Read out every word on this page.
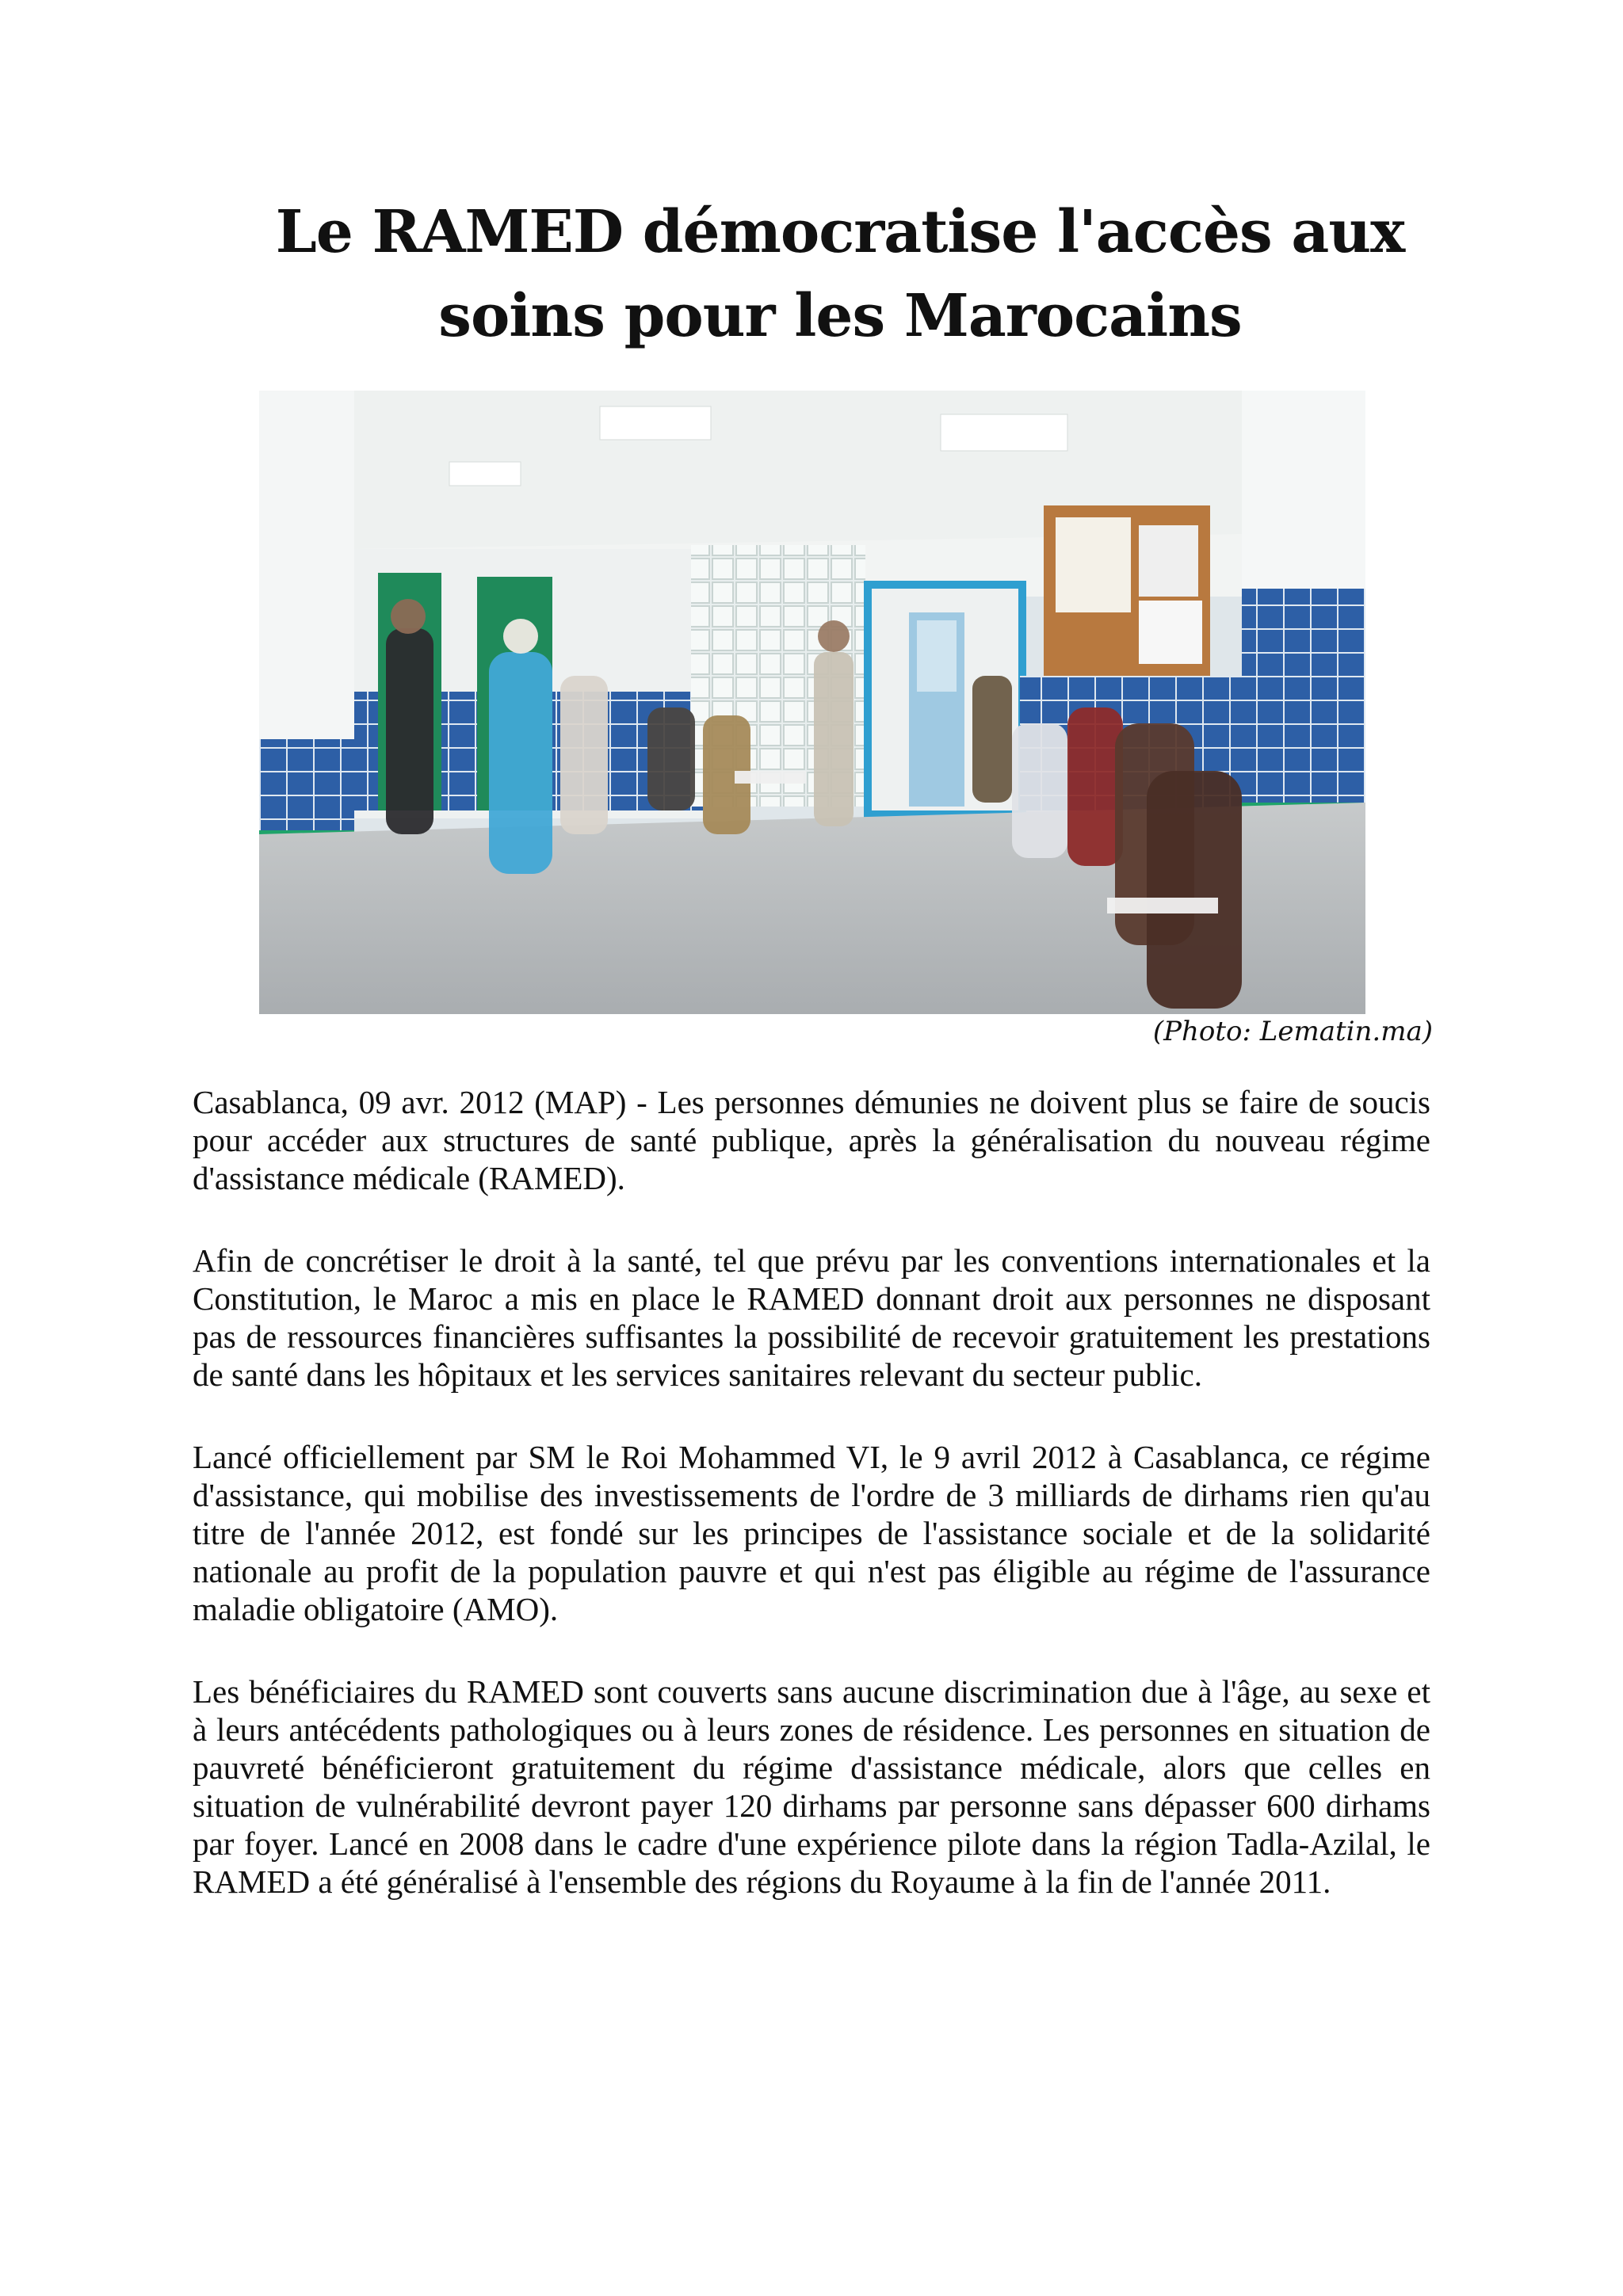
Le RAMED démocratise l'accès aux soins pour les Marocains
(Photo: Lematin.ma)

Casablanca, 09 avr. 2012 (MAP) - Les personnes démunies ne doivent plus se faire de soucis pour accéder aux structures de santé publique, après la généralisation du nouveau régime d'assistance médicale (RAMED).

Afin de concrétiser le droit à la santé, tel que prévu par les conventions internationales et la Constitution, le Maroc a mis en place le RAMED donnant droit aux personnes ne disposant pas de ressources financières suffisantes la possibilité de recevoir gratuitement les prestations de santé dans les hôpitaux et les services sanitaires relevant du secteur public.

Lancé officiellement par SM le Roi Mohammed VI, le 9 avril 2012 à Casablanca, ce régime d'assistance, qui mobilise des investissements de l'ordre de 3 milliards de dirhams rien qu'au titre de l'année 2012, est fondé sur les principes de l'assistance sociale et de la solidarité nationale au profit de la population pauvre et qui n'est pas éligible au régime de l'assurance maladie obligatoire (AMO).

Les bénéficiaires du RAMED sont couverts sans aucune discrimination due à l'âge, au sexe et à leurs antécédents pathologiques ou à leurs zones de résidence. Les personnes en situation de pauvreté bénéficieront gratuitement du régime d'assistance médicale, alors que celles en situation de vulnérabilité devront payer 120 dirhams par personne sans dépasser 600 dirhams par foyer. Lancé en 2008 dans le cadre d'une expérience pilote dans la région Tadla-Azilal, le RAMED a été généralisé à l'ensemble des régions du Royaume à la fin de l'année 2011.
